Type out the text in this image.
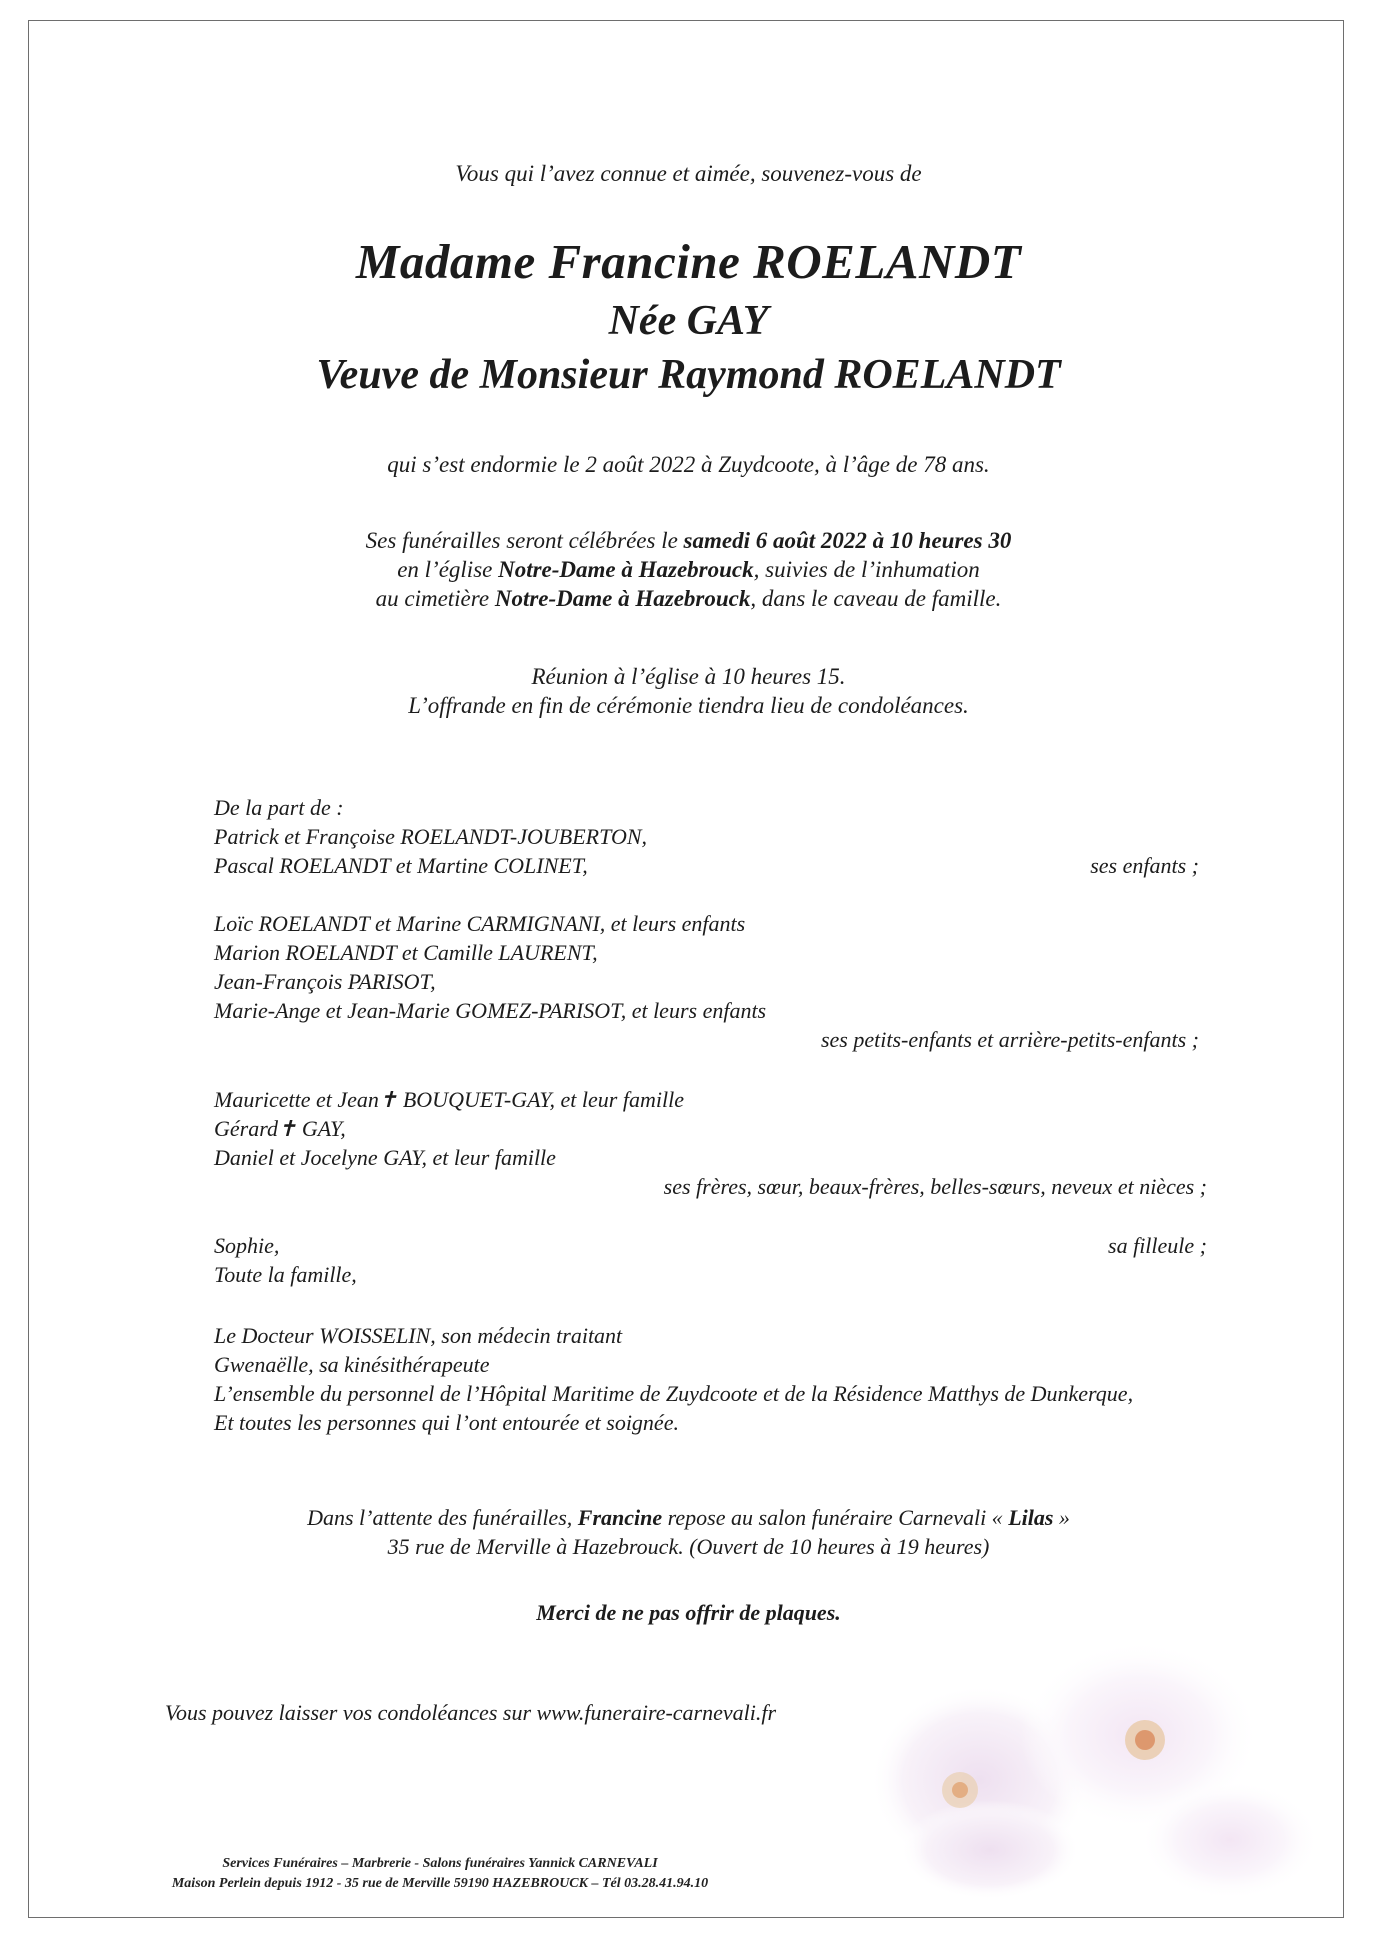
Vous qui l’avez connue et aimée, souvenez-vous de
Madame Francine ROELANDT
Née GAY
Veuve de Monsieur Raymond ROELANDT
qui s’est endormie le 2 août 2022 à Zuydcoote, à l’âge de 78 ans.
Ses funérailles seront célébrées le samedi 6 août 2022 à 10 heures 30
en l’église Notre-Dame à Hazebrouck, suivies de l’inhumation
au cimetière Notre-Dame à Hazebrouck, dans le caveau de famille.
Réunion à l’église à 10 heures 15.
L’offrande en fin de cérémonie tiendra lieu de condoléances.
De la part de :
Patrick et Françoise ROELANDT-JOUBERTON,
Pascal ROELANDT et Martine COLINET,	ses enfants ;
Loïc ROELANDT et Marine CARMIGNANI, et leurs enfants
Marion ROELANDT et Camille LAURENT,
Jean-François PARISOT,
Marie-Ange et Jean-Marie GOMEZ-PARISOT, et leurs enfants
ses petits-enfants et arrière-petits-enfants ;
Mauricette et Jean✝ BOUQUET-GAY, et leur famille
Gérard✝ GAY,
Daniel et Jocelyne GAY, et leur famille
ses frères, sœur, beaux-frères, belles-sœurs, neveux et nièces ;
Sophie,	sa filleule ;
Toute la famille,
Le Docteur WOISSELIN, son médecin traitant
Gwenaëlle, sa kinésithérapeute
L’ensemble du personnel de l’Hôpital Maritime de Zuydcoote et de la Résidence Matthys de Dunkerque,
Et toutes les personnes qui l’ont entourée et soignée.
Dans l’attente des funérailles, Francine repose au salon funéraire Carnevali « Lilas »
35 rue de Merville à Hazebrouck. (Ouvert de 10 heures à 19 heures)
Merci de ne pas offrir de plaques.
Vous pouvez laisser vos condoléances sur www.funeraire-carnevali.fr
Services Funéraires – Marbrerie - Salons funéraires Yannick CARNEVALI
Maison Perlein depuis 1912 - 35 rue de Merville 59190 HAZEBROUCK – Tél 03.28.41.94.10
